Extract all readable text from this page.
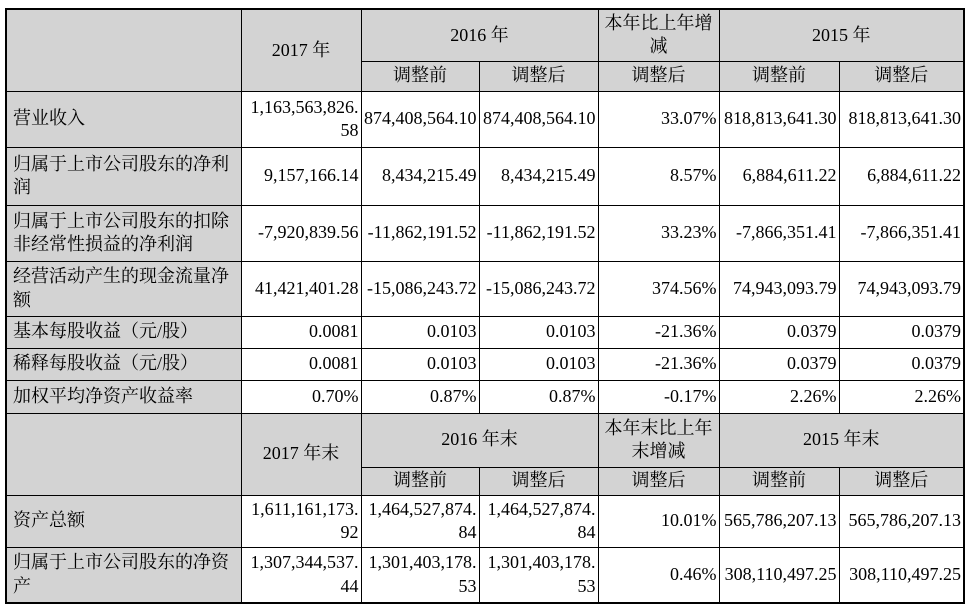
	2017 年	2016 年		本年比上年增减	2015 年	
		调整前	调整后	调整后	调整前	调整后
营业收入	1,163,563,826.58	874,408,564.10	874,408,564.10	33.07%	818,813,641.30	818,813,641.30
归属于上市公司股东的净利润	9,157,166.14	8,434,215.49	8,434,215.49	8.57%	6,884,611.22	6,884,611.22
归属于上市公司股东的扣除非经常性损益的净利润	-7,920,839.56	-11,862,191.52	-11,862,191.52	33.23%	-7,866,351.41	-7,866,351.41
经营活动产生的现金流量净额	41,421,401.28	-15,086,243.72	-15,086,243.72	374.56%	74,943,093.79	74,943,093.79
基本每股收益（元/股）	0.0081	0.0103	0.0103	-21.36%	0.0379	0.0379
稀释每股收益（元/股）	0.0081	0.0103	0.0103	-21.36%	0.0379	0.0379
加权平均净资产收益率	0.70%	0.87%	0.87%	-0.17%	2.26%	2.26%
	2017 年末	2016 年末		本年末比上年末增减	2015 年末	
		调整前	调整后	调整后	调整前	调整后
资产总额	1,611,161,173.92	1,464,527,874.84	1,464,527,874.84	10.01%	565,786,207.13	565,786,207.13
归属于上市公司股东的净资产	1,307,344,537.44	1,301,403,178.53	1,301,403,178.53	0.46%	308,110,497.25	308,110,497.25
